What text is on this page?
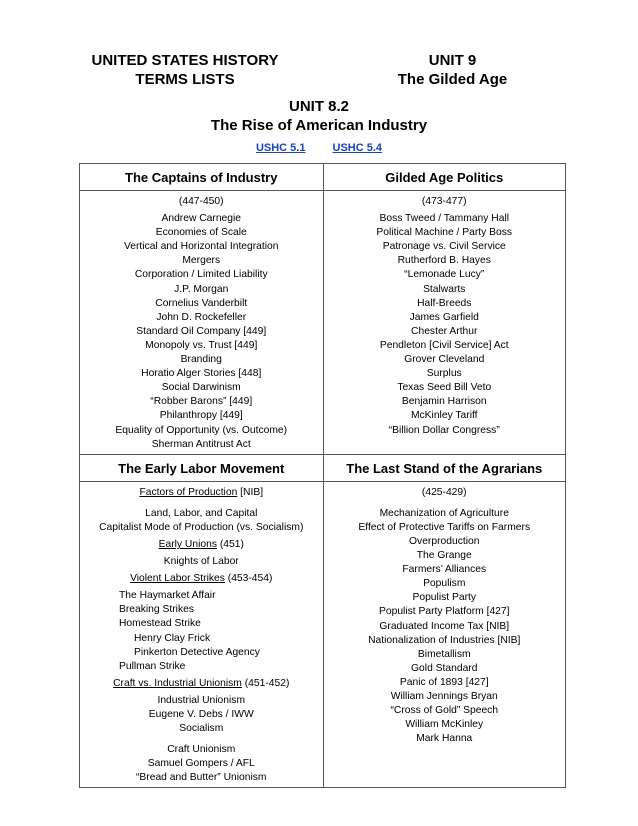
UNITED STATES HISTORY
TERMS LISTS
UNIT 9
The Gilded Age
UNIT 8.2
The Rise of American Industry
USHC 5.1 USHC 5.4
The Captains of Industry
(447-450)
Andrew Carnegie
Economies of Scale
Vertical and Horizontal Integration
Mergers
Corporation / Limited Liability
J.P. Morgan
Cornelius Vanderbilt
John D. Rockefeller
Standard Oil Company [449]
Monopoly vs. Trust [449]
Branding
Horatio Alger Stories [448]
Social Darwinism
“Robber Barons” [449]
Philanthropy [449]
Equality of Opportunity (vs. Outcome)
Sherman Antitrust Act
Gilded Age Politics
(473-477)
Boss Tweed / Tammany Hall
Political Machine / Party Boss
Patronage vs. Civil Service
Rutherford B. Hayes
“Lemonade Lucy”
Stalwarts
Half-Breeds
James Garfield
Chester Arthur
Pendleton [Civil Service] Act
Grover Cleveland
Surplus
Texas Seed Bill Veto
Benjamin Harrison
McKinley Tariff
“Billion Dollar Congress”
The Early Labor Movement
Factors of Production [NIB]
Land, Labor, and Capital
Capitalist Mode of Production (vs. Socialism)
Early Unions (451)
Knights of Labor
Violent Labor Strikes (453-454)
The Haymarket Affair
Breaking Strikes
Homestead Strike
Henry Clay Frick
Pinkerton Detective Agency
Pullman Strike
Craft vs. Industrial Unionism (451-452)
Industrial Unionism
Eugene V. Debs / IWW
Socialism
Craft Unionism
Samuel Gompers / AFL
“Bread and Butter” Unionism
The Last Stand of the Agrarians
(425-429)
Mechanization of Agriculture
Effect of Protective Tariffs on Farmers
Overproduction
The Grange
Farmers’ Alliances
Populism
Populist Party
Populist Party Platform [427]
Graduated Income Tax [NIB]
Nationalization of Industries [NIB]
Bimetallism
Gold Standard
Panic of 1893 [427]
William Jennings Bryan
“Cross of Gold” Speech
William McKinley
Mark Hanna
